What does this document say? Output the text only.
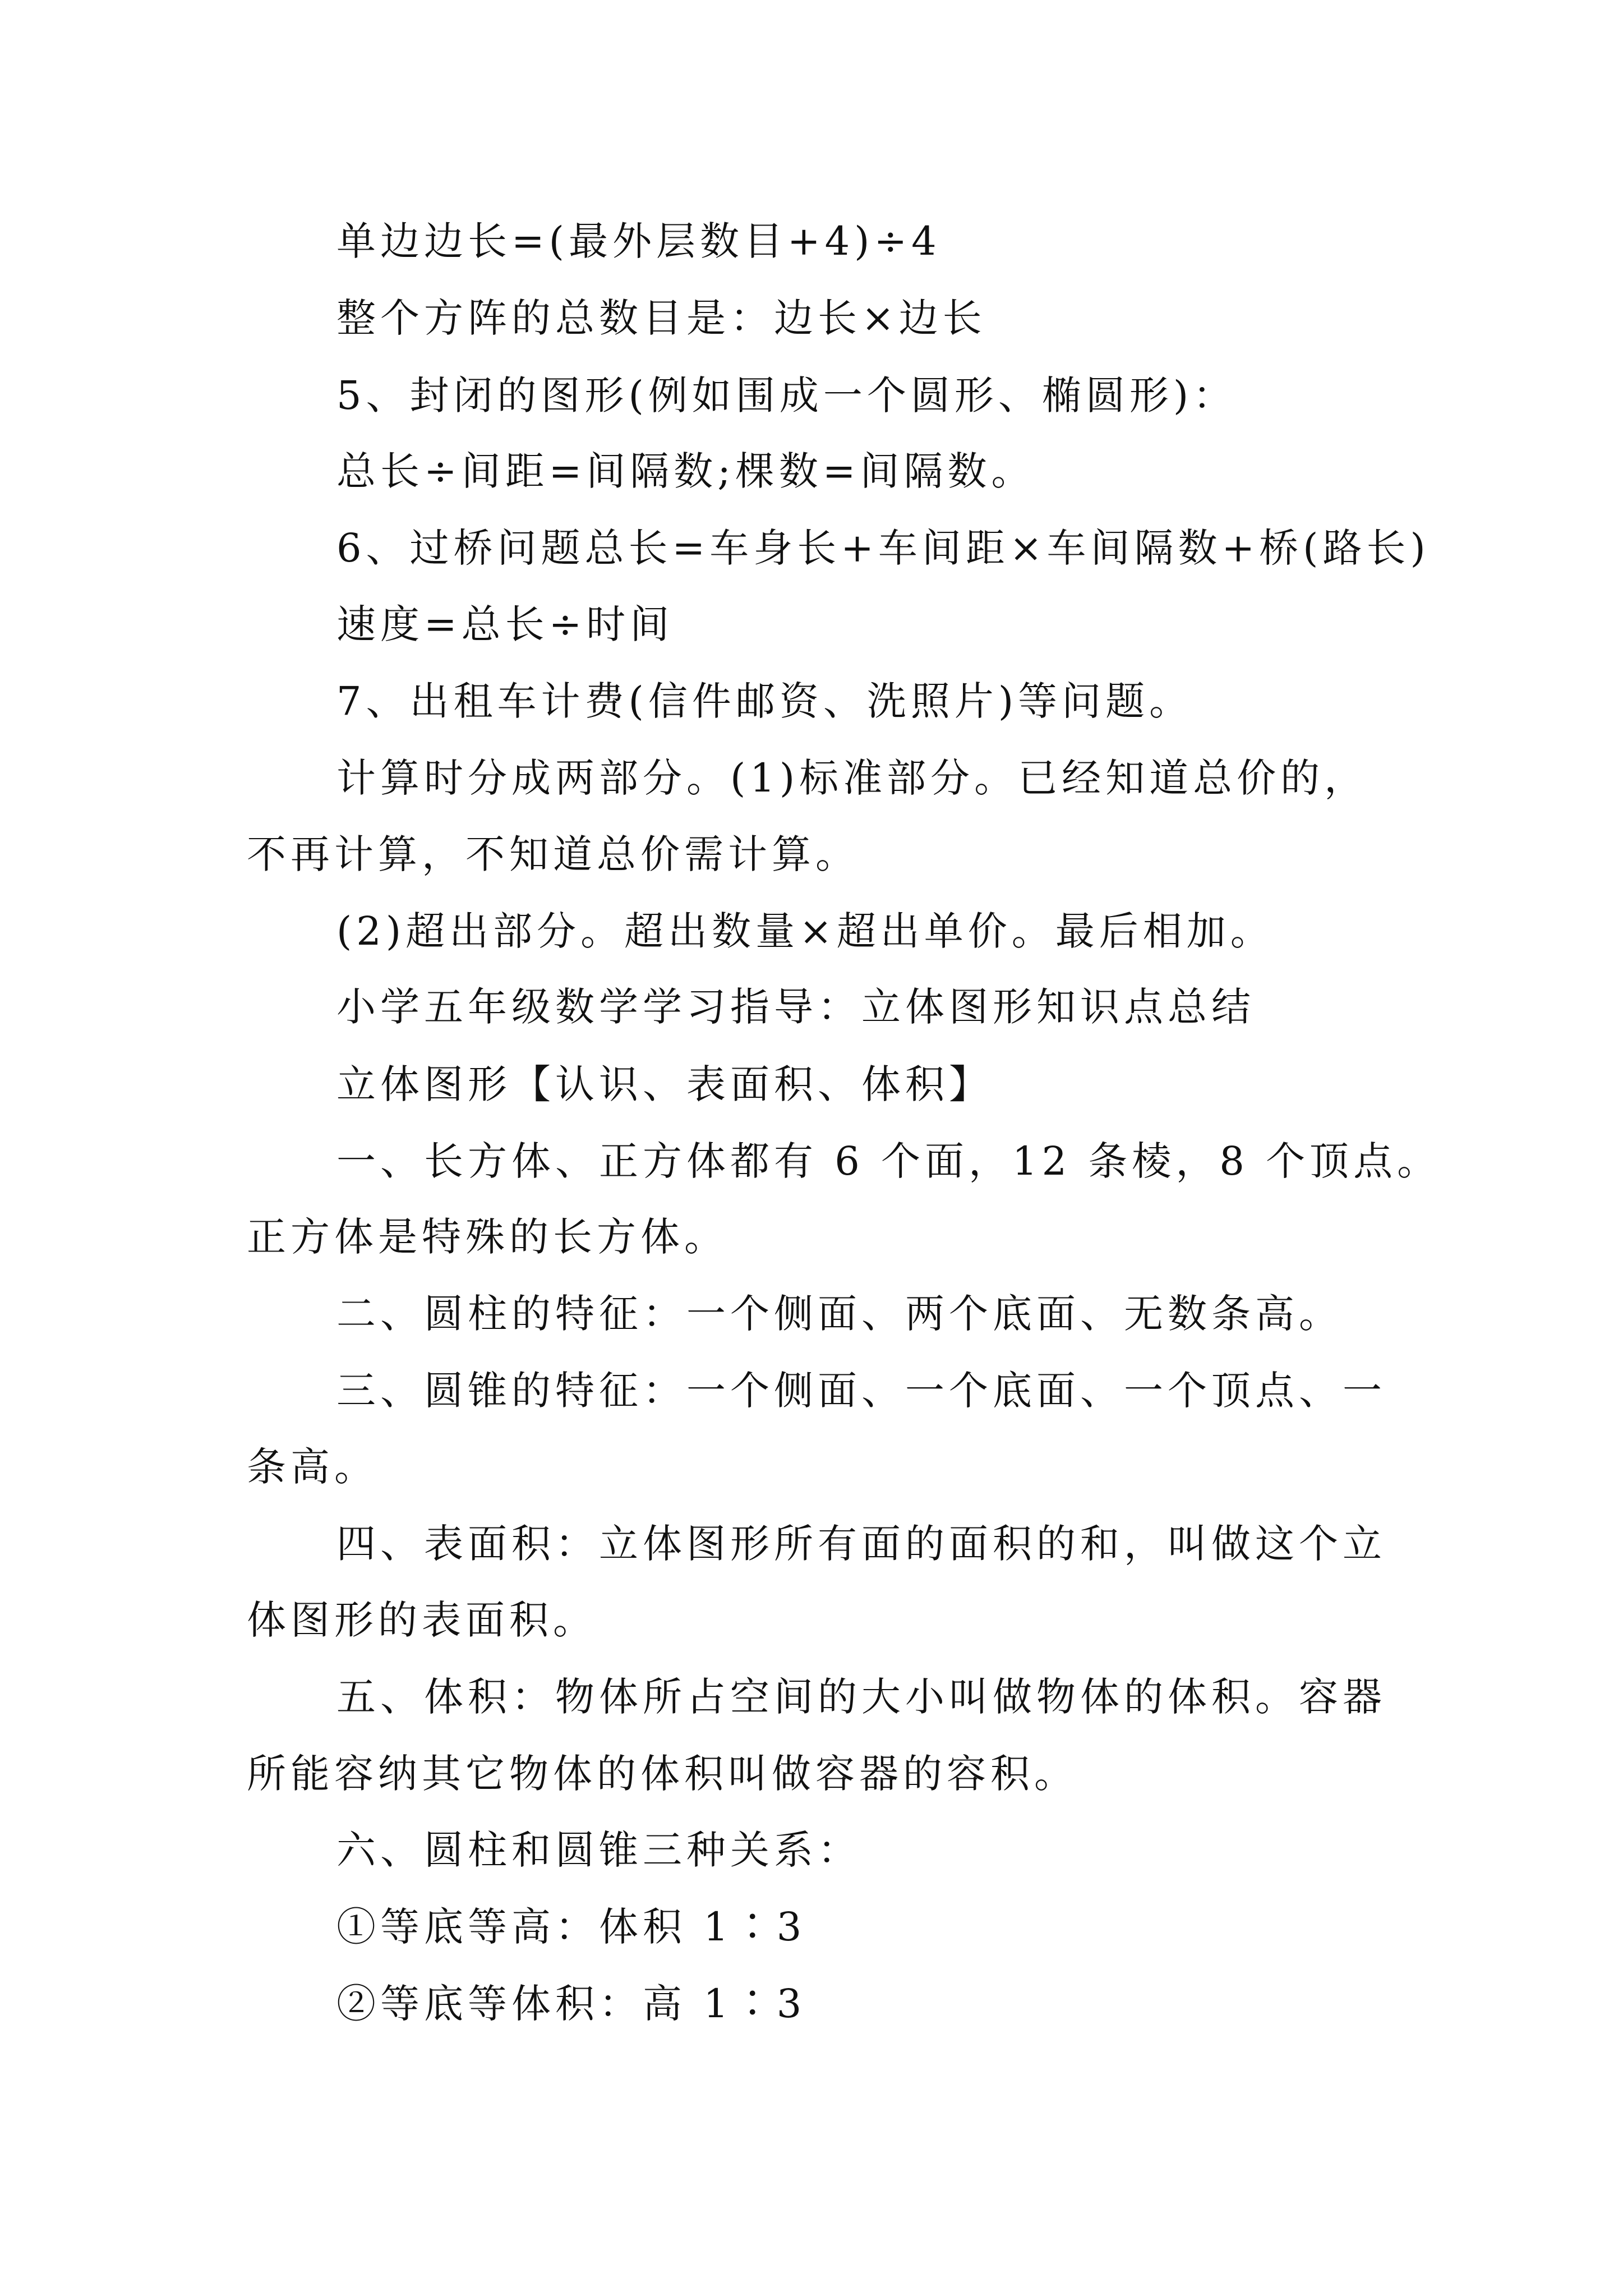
单边边长=(最外层数目+4)÷4
整个方阵的总数目是：边长×边长
5、封闭的图形(例如围成一个圆形、椭圆形)：
总长÷间距=间隔数;棵数=间隔数。
6、过桥问题总长=车身长+车间距×车间隔数+桥(路长)
速度=总长÷时间
7、出租车计费(信件邮资、洗照片)等问题。
计算时分成两部分。(1)标准部分。已经知道总价的，
不再计算，不知道总价需计算。
(2)超出部分。超出数量×超出单价。最后相加。
小学五年级数学学习指导：立体图形知识点总结
立体图形【认识、表面积、体积】
一、长方体、正方体都有 6 个面，12 条棱，8 个顶点。
正方体是特殊的长方体。
二、圆柱的特征：一个侧面、两个底面、无数条高。
三、圆锥的特征：一个侧面、一个底面、一个顶点、一
条高。
四、表面积：立体图形所有面的面积的和，叫做这个立
体图形的表面积。
五、体积：物体所占空间的大小叫做物体的体积。容器
所能容纳其它物体的体积叫做容器的容积。
六、圆柱和圆锥三种关系：
①等底等高：体积 1∶3
②等底等体积：高 1∶3
